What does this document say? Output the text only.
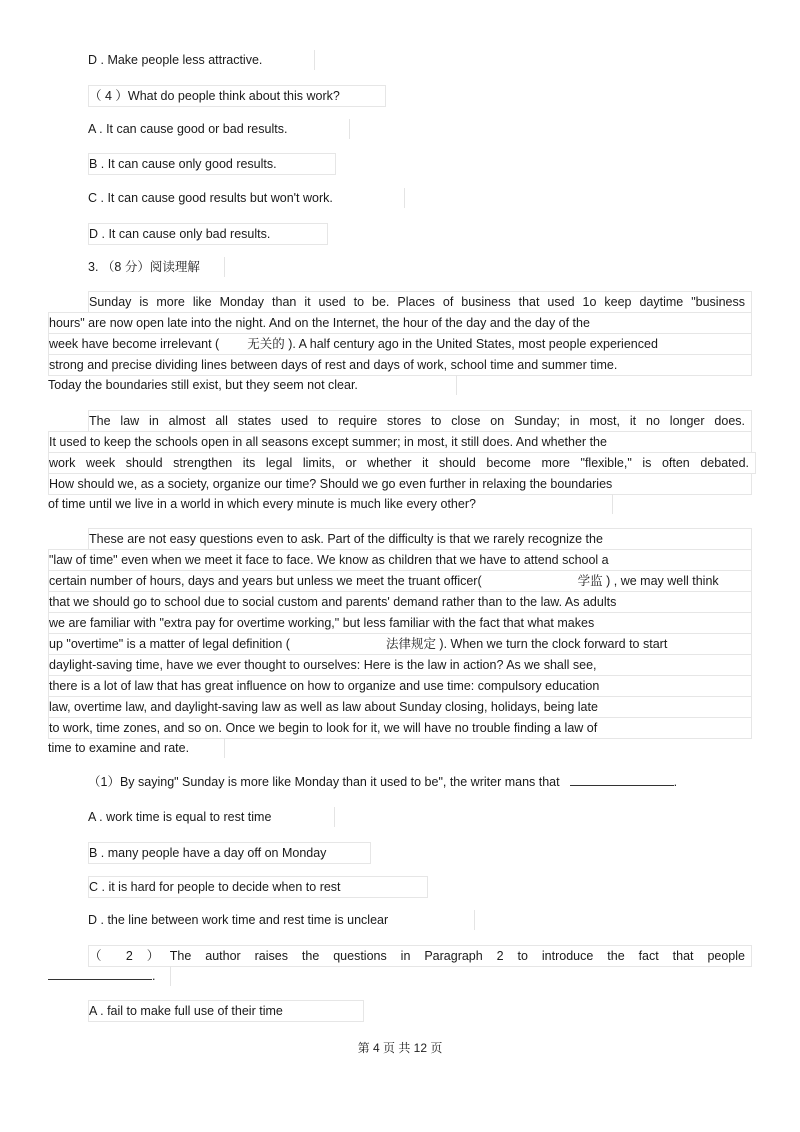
D . Make people less attractive.
（ 4 ）What do people think about this work?
A . It can cause good or bad results.
B . It can cause only good results.
C . It can cause good results but won't work.
D . It can cause only bad results.
3. （8 分）阅读理解
Sunday is more like Monday than it used to be. Places of business that used 1o keep daytime "business
hours" are now open late into the night. And on the Internet, the hour of the day and the day of the
week have become irrelevant ( 无关的 ). A half century ago in the United States, most people experienced
strong and precise dividing lines between days of rest and days of work, school time and summer time.
Today the boundaries still exist, but they seem not clear.
The law in almost all states used to require stores to close on Sunday; in most, it no longer does.
It used to keep the schools open in all seasons except summer; in most, it still does. And whether the
work week should strengthen its legal limits, or whether it should become more "flexible," is often debated.
How should we, as a society, organize our time? Should we go even further in relaxing the boundaries
of time until we live in a world in which every minute is much like every other?
These are not easy questions even to ask. Part of the difficulty is that we rarely recognize the
"law of time" even when we meet it face to face. We know as children that we have to attend school a
certain number of hours, days and years but unless we meet the truant officer(	学监 ) , we may well think
that we should go to school due to social custom and parents' demand rather than to the law. As adults
we are familiar with "extra pay for overtime working," but less familiar with the fact that what makes
up "overtime" is a matter of legal definition (	法律规定 ). When we turn the clock forward to start
daylight-saving time, have we ever thought to ourselves: Here is the law in action? As we shall see,
there is a lot of law that has great influence on how to organize and use time: compulsory education
law, overtime law, and daylight-saving law as well as law about Sunday closing, holidays, being late
to work, time zones, and so on. Once we begin to look for it, we will have no trouble finding a law of
time to examine and rate.
（1）By saying" Sunday is more like Monday than it used to be", the writer mans that	.
A . work time is equal to rest time
B . many people have a day off on Monday
C . it is hard for people to decide when to rest
D . the line between work time and rest time is unclear
（ 2 ）The author raises the questions in Paragraph 2 to introduce the fact that people
.
A . fail to make full use of their time
第 4 页 共 12 页
